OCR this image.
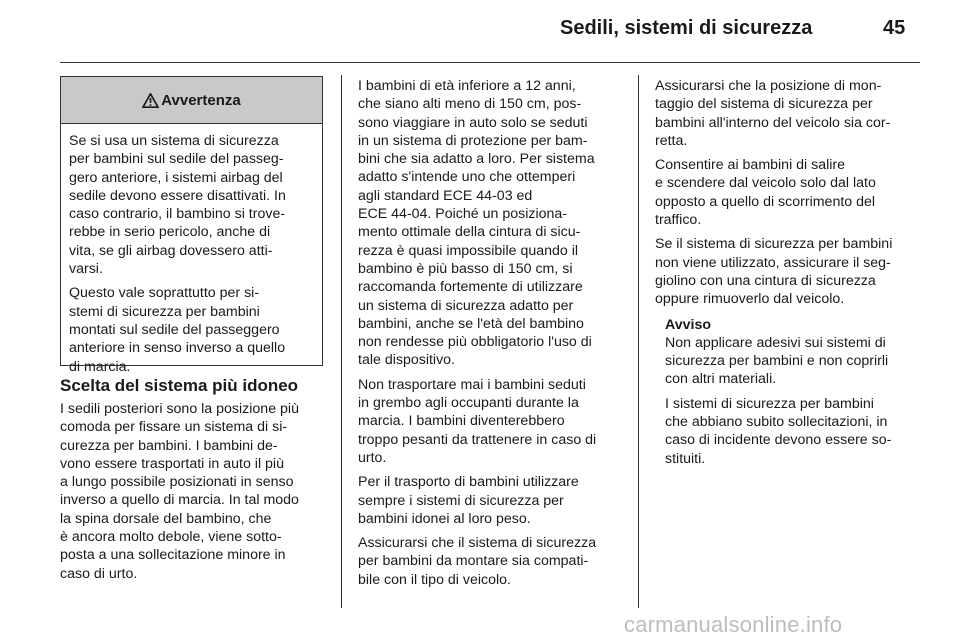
Sedili, sistemi di sicurezza	45
Avvertenza
Se si usa un sistema di sicurezza
per bambini sul sedile del passeg-
gero anteriore, i sistemi airbag del
sedile devono essere disattivati. In
caso contrario, il bambino si trove-
rebbe in serio pericolo, anche di
vita, se gli airbag dovessero atti-
varsi.
Questo vale soprattutto per si-
stemi di sicurezza per bambini
montati sul sedile del passeggero
anteriore in senso inverso a quello
di marcia.
Scelta del sistema più idoneo
I sedili posteriori sono la posizione più
comoda per fissare un sistema di si-
curezza per bambini. I bambini de-
vono essere trasportati in auto il più
a lungo possibile posizionati in senso
inverso a quello di marcia. In tal modo
la spina dorsale del bambino, che
è ancora molto debole, viene sotto-
posta a una sollecitazione minore in
caso di urto.
I bambini di età inferiore a 12 anni,
che siano alti meno di 150 cm, pos-
sono viaggiare in auto solo se seduti
in un sistema di protezione per bam-
bini che sia adatto a loro. Per sistema
adatto s'intende uno che ottemperi
agli standard ECE 44-03 ed
ECE 44-04. Poiché un posiziona-
mento ottimale della cintura di sicu-
rezza è quasi impossibile quando il
bambino è più basso di 150 cm, si
raccomanda fortemente di utilizzare
un sistema di sicurezza adatto per
bambini, anche se l'età del bambino
non rendesse più obbligatorio l'uso di
tale dispositivo.
Non trasportare mai i bambini seduti
in grembo agli occupanti durante la
marcia. I bambini diventerebbero
troppo pesanti da trattenere in caso di
urto.
Per il trasporto di bambini utilizzare
sempre i sistemi di sicurezza per
bambini idonei al loro peso.
Assicurarsi che il sistema di sicurezza
per bambini da montare sia compati-
bile con il tipo di veicolo.
Assicurarsi che la posizione di mon-
taggio del sistema di sicurezza per
bambini all'interno del veicolo sia cor-
retta.
Consentire ai bambini di salire
e scendere dal veicolo solo dal lato
opposto a quello di scorrimento del
traffico.
Se il sistema di sicurezza per bambini
non viene utilizzato, assicurare il seg-
giolino con una cintura di sicurezza
oppure rimuoverlo dal veicolo.
Avviso
Non applicare adesivi sui sistemi di
sicurezza per bambini e non coprirli
con altri materiali.
I sistemi di sicurezza per bambini
che abbiano subito sollecitazioni, in
caso di incidente devono essere so-
stituiti.
carmanualsonline.info
